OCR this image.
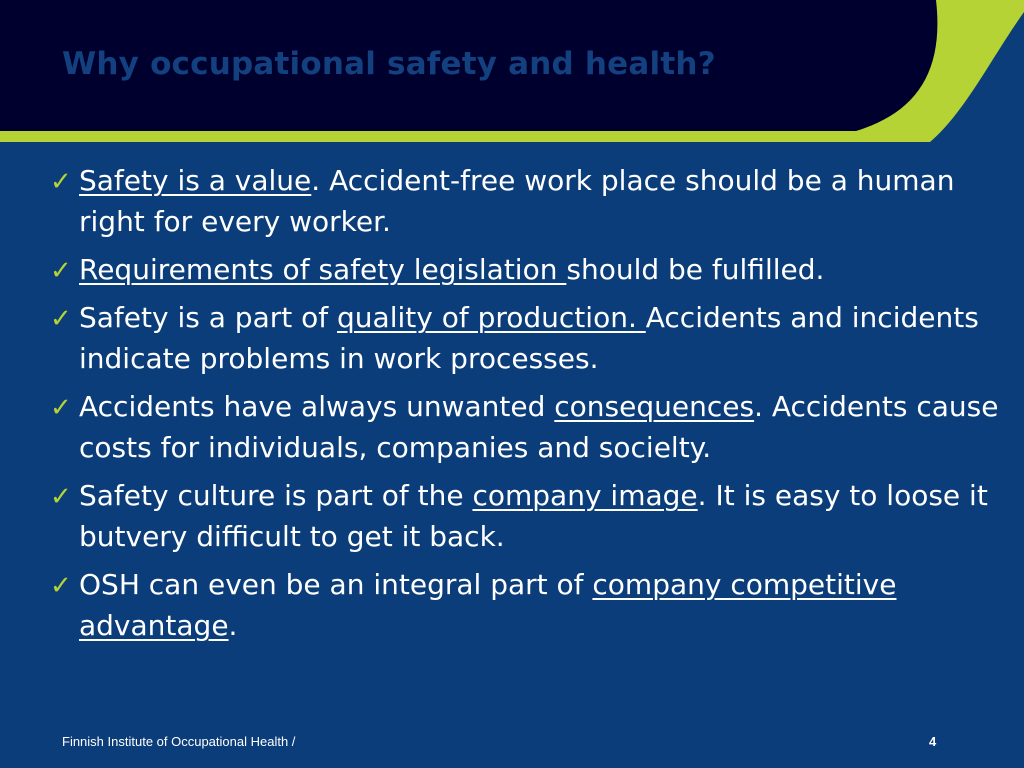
Why occupational safety and health?
✓ Safety is a value. Accident-free work place should be a human right for every worker.
✓ Requirements of safety legislation should be fulfilled.
✓ Safety is a part of quality of production. Accidents and incidents indicate problems in work processes.
✓ Accidents have always unwanted consequences. Accidents cause costs for individuals, companies and socielty.
✓ Safety culture is part of the company image. It is easy to loose it butvery difficult to get it back.
✓ OSH can even be an integral part of company competitive advantage.
Finnish Institute of Occupational Health /	4
